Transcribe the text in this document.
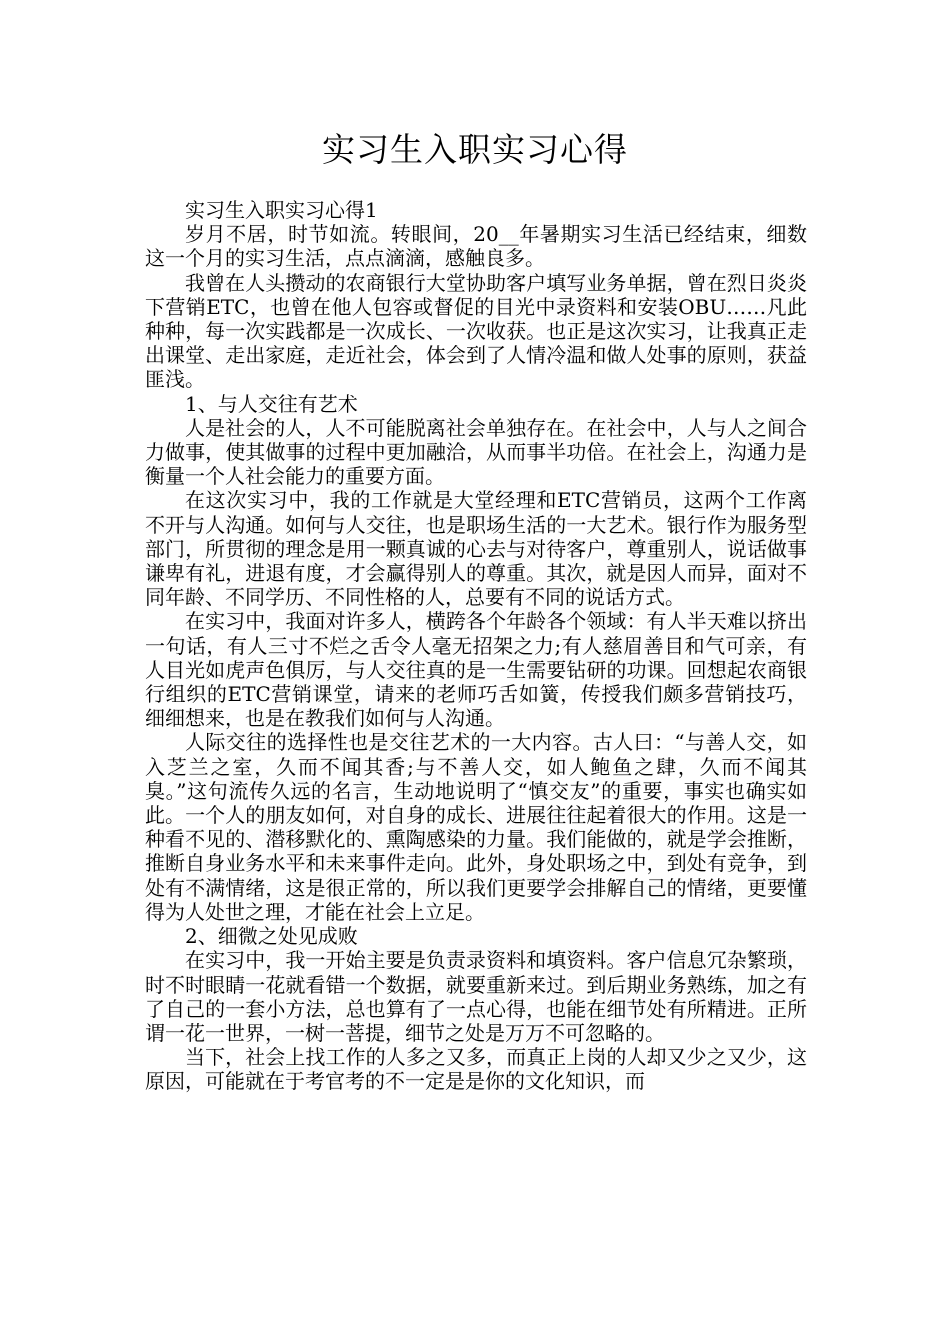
实习生入职实习心得

实习生入职实习心得1

岁月不居，时节如流。转眼间，20__年暑期实习生活已经结束，细数这一个月的实习生活，点点滴滴，感触良多。

我曾在人头攒动的农商银行大堂协助客户填写业务单据，曾在烈日炎炎下营销ETC，也曾在他人包容或督促的目光中录资料和安装OBU……凡此种种，每一次实践都是一次成长、一次收获。也正是这次实习，让我真正走出课堂、走出家庭，走近社会，体会到了人情冷温和做人处事的原则，获益匪浅。

1、与人交往有艺术

人是社会的人，人不可能脱离社会单独存在。在社会中，人与人之间合力做事，使其做事的过程中更加融洽，从而事半功倍。在社会上，沟通力是衡量一个人社会能力的重要方面。

在这次实习中，我的工作就是大堂经理和ETC营销员，这两个工作离不开与人沟通。如何与人交往，也是职场生活的一大艺术。银行作为服务型部门，所贯彻的理念是用一颗真诚的心去与对待客户，尊重别人，说话做事谦卑有礼，进退有度，才会赢得别人的尊重。其次，就是因人而异，面对不同年龄、不同学历、不同性格的人，总要有不同的说话方式。

在实习中，我面对许多人，横跨各个年龄各个领域：有人半天难以挤出一句话，有人三寸不烂之舌令人毫无招架之力;有人慈眉善目和气可亲，有人目光如虎声色俱厉，与人交往真的是一生需要钻研的功课。回想起农商银行组织的ETC营销课堂，请来的老师巧舌如簧，传授我们颇多营销技巧，细细想来，也是在教我们如何与人沟通。

人际交往的选择性也是交往艺术的一大内容。古人曰：“与善人交，如入芝兰之室，久而不闻其香;与不善人交，如人鲍鱼之肆，久而不闻其臭。”这句流传久远的名言，生动地说明了“慎交友”的重要，事实也确实如此。一个人的朋友如何，对自身的成长、进展往往起着很大的作用。这是一种看不见的、潜移默化的、熏陶感染的力量。我们能做的，就是学会推断，推断自身业务水平和未来事件走向。此外，身处职场之中，到处有竞争，到处有不满情绪，这是很正常的，所以我们更要学会排解自己的情绪，更要懂得为人处世之理，才能在社会上立足。

2、细微之处见成败

在实习中，我一开始主要是负责录资料和填资料。客户信息冗杂繁琐，时不时眼睛一花就看错一个数据，就要重新来过。到后期业务熟练，加之有了自己的一套小方法，总也算有了一点心得，也能在细节处有所精进。正所谓一花一世界，一树一菩提，细节之处是万万不可忽略的。

当下，社会上找工作的人多之又多，而真正上岗的人却又少之又少，这原因，可能就在于考官考的不一定是是你的文化知识，而
